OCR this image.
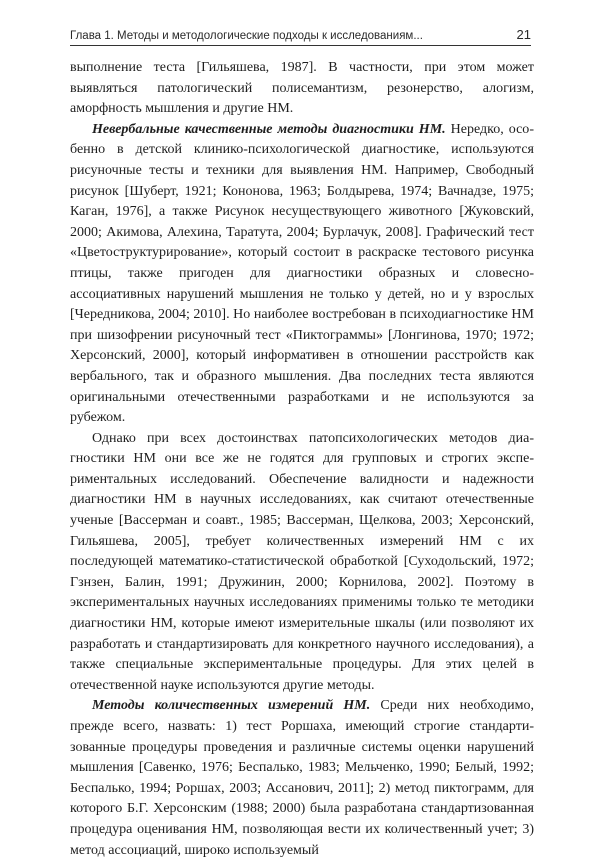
Глава 1. Методы и методологические подходы к исследованиям...	21

выполнение теста [Гильяшева, 1987]. В частности, при этом может выявляться патологический полисемантизм, резонерство, алогизм, аморфность мышления и другие НМ.

Невербальные качественные методы диагностики НМ. Нередко, особенно в детской клинико-психологической диагностике, используются рисуночные тесты и техники для выявления НМ. Например, Свободный рисунок [Шуберт, 1921; Кононова, 1963; Болдырева, 1974; Вачнадзе, 1975; Каган, 1976], а также Рисунок несуществующего животного [Жуковский, 2000; Акимова, Алехина, Таратута, 2004; Бурлачук, 2008]. Графический тест «Цветоструктурирование», который состоит в раскраске тестового рисунка птицы, также пригоден для диагностики образных и словесно-ассоциативных нарушений мышления не только у детей, но и у взрослых [Чередникова, 2004; 2010]. Но наиболее востребован в психодиагностике НМ при шизофрении рисуночный тест «Пиктограммы» [Лонгинова, 1970; 1972; Херсонский, 2000], который информативен в отношении расстройств как вербального, так и образного мышления. Два последних теста являются оригинальными отечественными разработками и не используются за рубежом.

Однако при всех достоинствах патопсихологических методов диагностики НМ они все же не годятся для групповых и строгих экспериментальных исследований. Обеспечение валидности и надежности диагностики НМ в научных исследованиях, как считают отечественные ученые [Вассерман и соавт., 1985; Вассерман, Щелкова, 2003; Херсонский, Гильяшева, 2005], требует количественных измерений НМ с их последующей математико-статистической обработкой [Суходольский, 1972; Гзнзен, Балин, 1991; Дружинин, 2000; Корнилова, 2002]. Поэтому в экспериментальных научных исследованиях применимы только те методики диагностики НМ, которые имеют измерительные шкалы (или позволяют их разработать и стандартизировать для конкретного научного исследования), а также специальные экспериментальные процедуры. Для этих целей в отечественной науке используются другие методы.

Методы количественных измерений НМ. Среди них необходимо, прежде всего, назвать: 1) тест Роршаха, имеющий строгие стандартизованные процедуры проведения и различные системы оценки нарушений мышления [Савенко, 1976; Беспалько, 1983; Мельченко, 1990; Белый, 1992; Беспалько, 1994; Роршах, 2003; Ассанович, 2011]; 2) метод пиктограмм, для которого Б.Г. Херсонским (1988; 2000) была разработана стандартизованная процедура оценивания НМ, позволяющая вести их количественный учет; 3) метод ассоциаций, широко используемый
